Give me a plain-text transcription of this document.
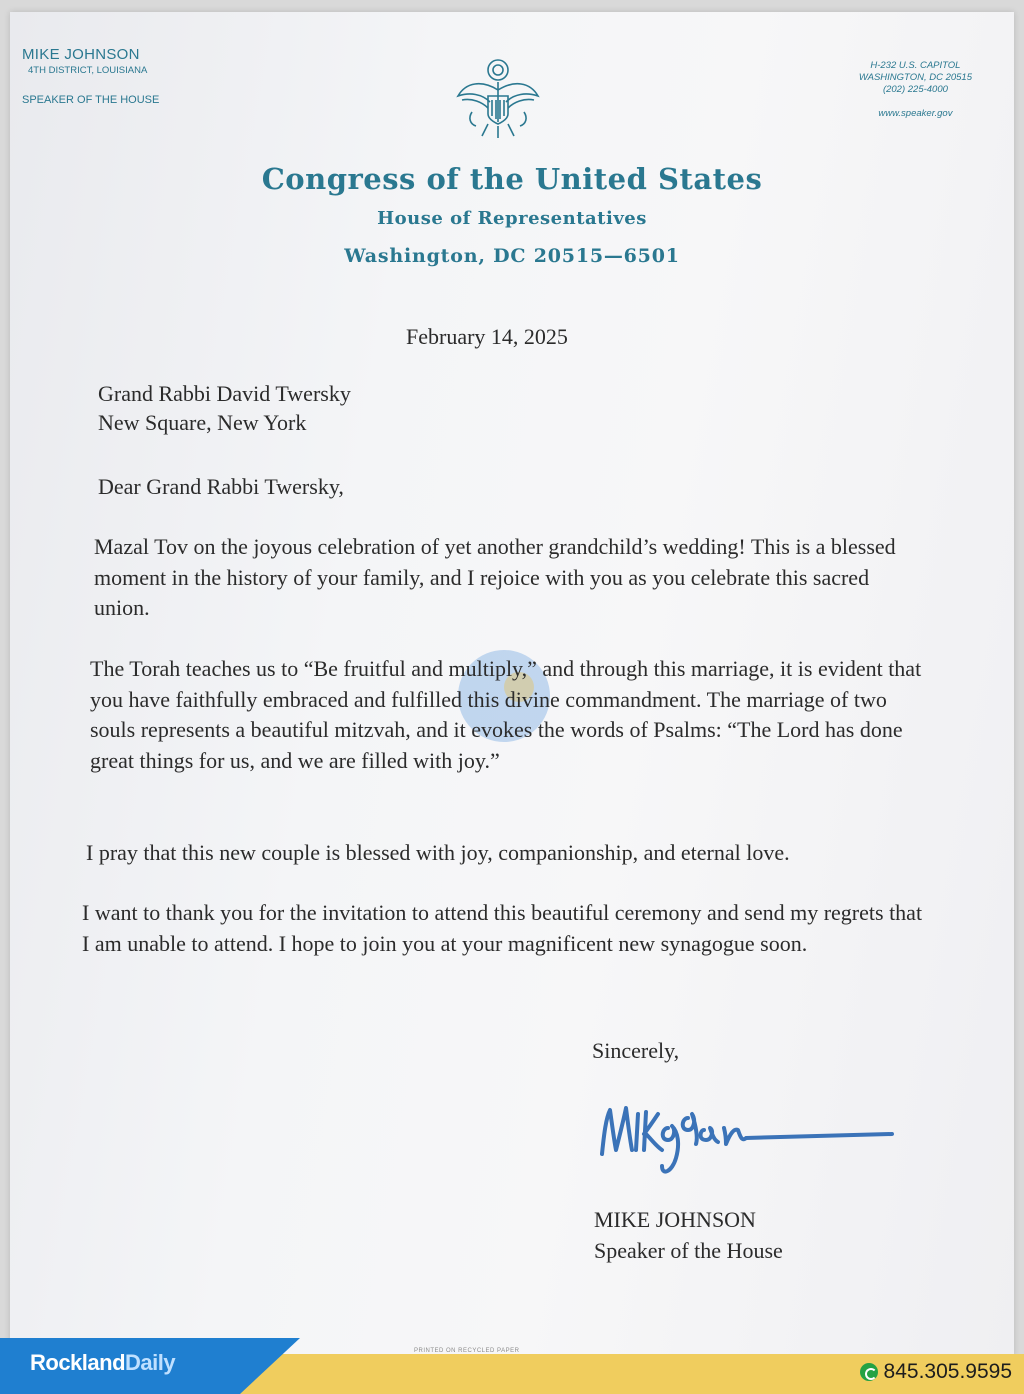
MIKE JOHNSON
4TH DISTRICT, LOUISIANA
SPEAKER OF THE HOUSE
H-232 U.S. CAPITOL
WASHINGTON, DC 20515
(202) 225-4000
www.speaker.gov
Congress of the United States
House of Representatives
Washington, DC 20515—6501
February 14, 2025
Grand Rabbi David Twersky
New Square, New York
Dear Grand Rabbi Twersky,
Mazal Tov on the joyous celebration of yet another grandchild’s wedding! This is a blessed moment in the history of your family, and I rejoice with you as you celebrate this sacred union.
The Torah teaches us to “Be fruitful and multiply,” and through this marriage, it is evident that you have faithfully embraced and fulfilled this divine commandment. The marriage of two souls represents a beautiful mitzvah, and it evokes the words of Psalms: “The Lord has done great things for us, and we are filled with joy.”
I pray that this new couple is blessed with joy, companionship, and eternal love.
I want to thank you for the invitation to attend this beautiful ceremony and send my regrets that I am unable to attend. I hope to join you at your magnificent new synagogue soon.
Sincerely,
MIKE JOHNSON
Speaker of the House
PRINTED ON RECYCLED PAPER
RocklandDaily	845.305.9595
